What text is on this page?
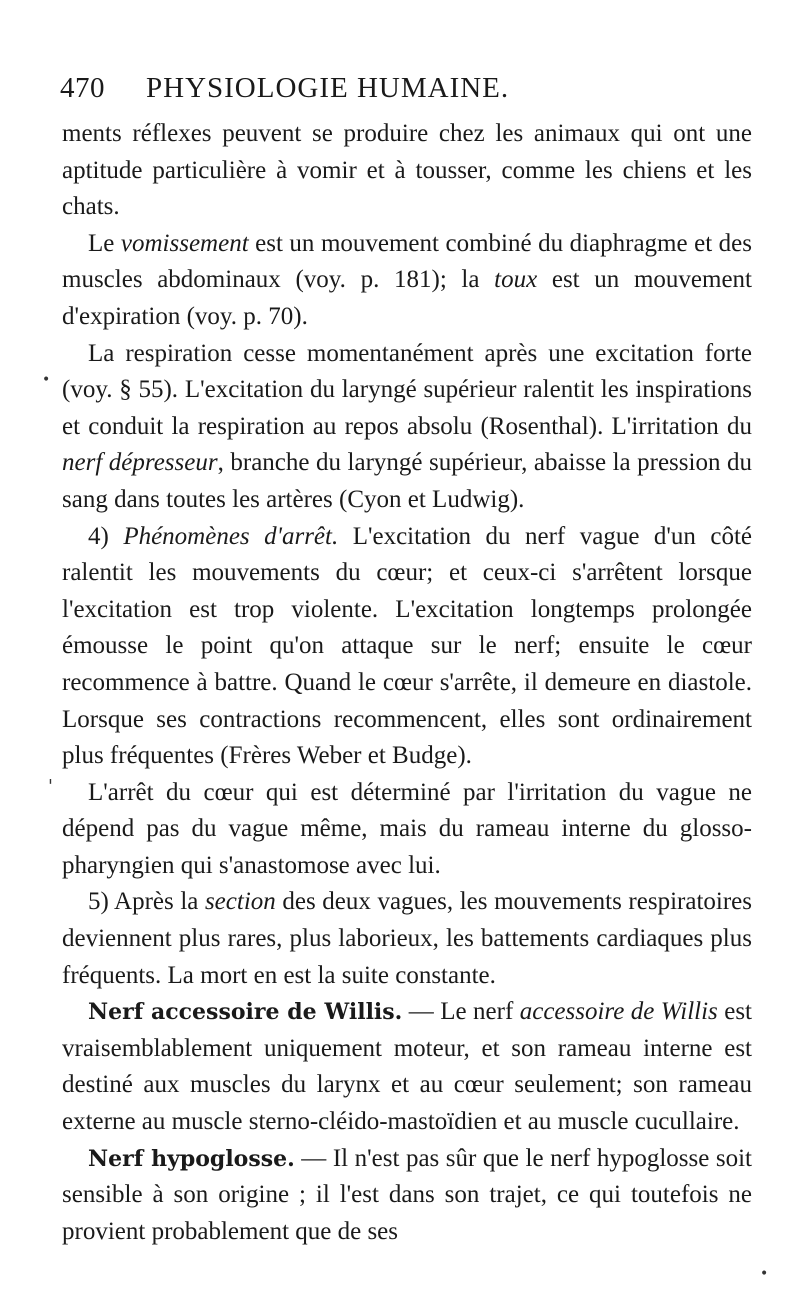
470 PHYSIOLOGIE HUMAINE.

ments réflexes peuvent se produire chez les animaux qui ont une aptitude particulière à vomir et à tousser, comme les chiens et les chats.

Le vomissement est un mouvement combiné du diaphragme et des muscles abdominaux (voy. p. 181); la toux est un mouvement d'expiration (voy. p. 70).

La respiration cesse momentanément après une excitation forte (voy. § 55). L'excitation du laryngé supérieur ralentit les inspirations et conduit la respiration au repos absolu (Rosenthal). L'irritation du nerf dépresseur, branche du laryngé supérieur, abaisse la pression du sang dans toutes les artères (Cyon et Ludwig).

4) Phénomènes d'arrêt. L'excitation du nerf vague d'un côté ralentit les mouvements du cœur; et ceux-ci s'arrêtent lorsque l'excitation est trop violente. L'excitation longtemps prolongée émousse le point qu'on attaque sur le nerf; ensuite le cœur recommence à battre. Quand le cœur s'arrête, il demeure en diastole. Lorsque ses contractions recommencent, elles sont ordinairement plus fréquentes (Frères Weber et Budge).

L'arrêt du cœur qui est déterminé par l'irritation du vague ne dépend pas du vague même, mais du rameau interne du glosso-pharyngien qui s'anastomose avec lui.

5) Après la section des deux vagues, les mouvements respiratoires deviennent plus rares, plus laborieux, les battements cardiaques plus fréquents. La mort en est la suite constante.

Nerf accessoire de Willis. — Le nerf accessoire de Willis est vraisemblablement uniquement moteur, et son rameau interne est destiné aux muscles du larynx et au cœur seulement; son rameau externe au muscle sterno-cléido-mastoïdien et au muscle cucullaire.

Nerf hypoglosse. — Il n'est pas sûr que le nerf hypoglosse soit sensible à son origine ; il l'est dans son trajet, ce qui toutefois ne provient probablement que de ses

•
'
•
